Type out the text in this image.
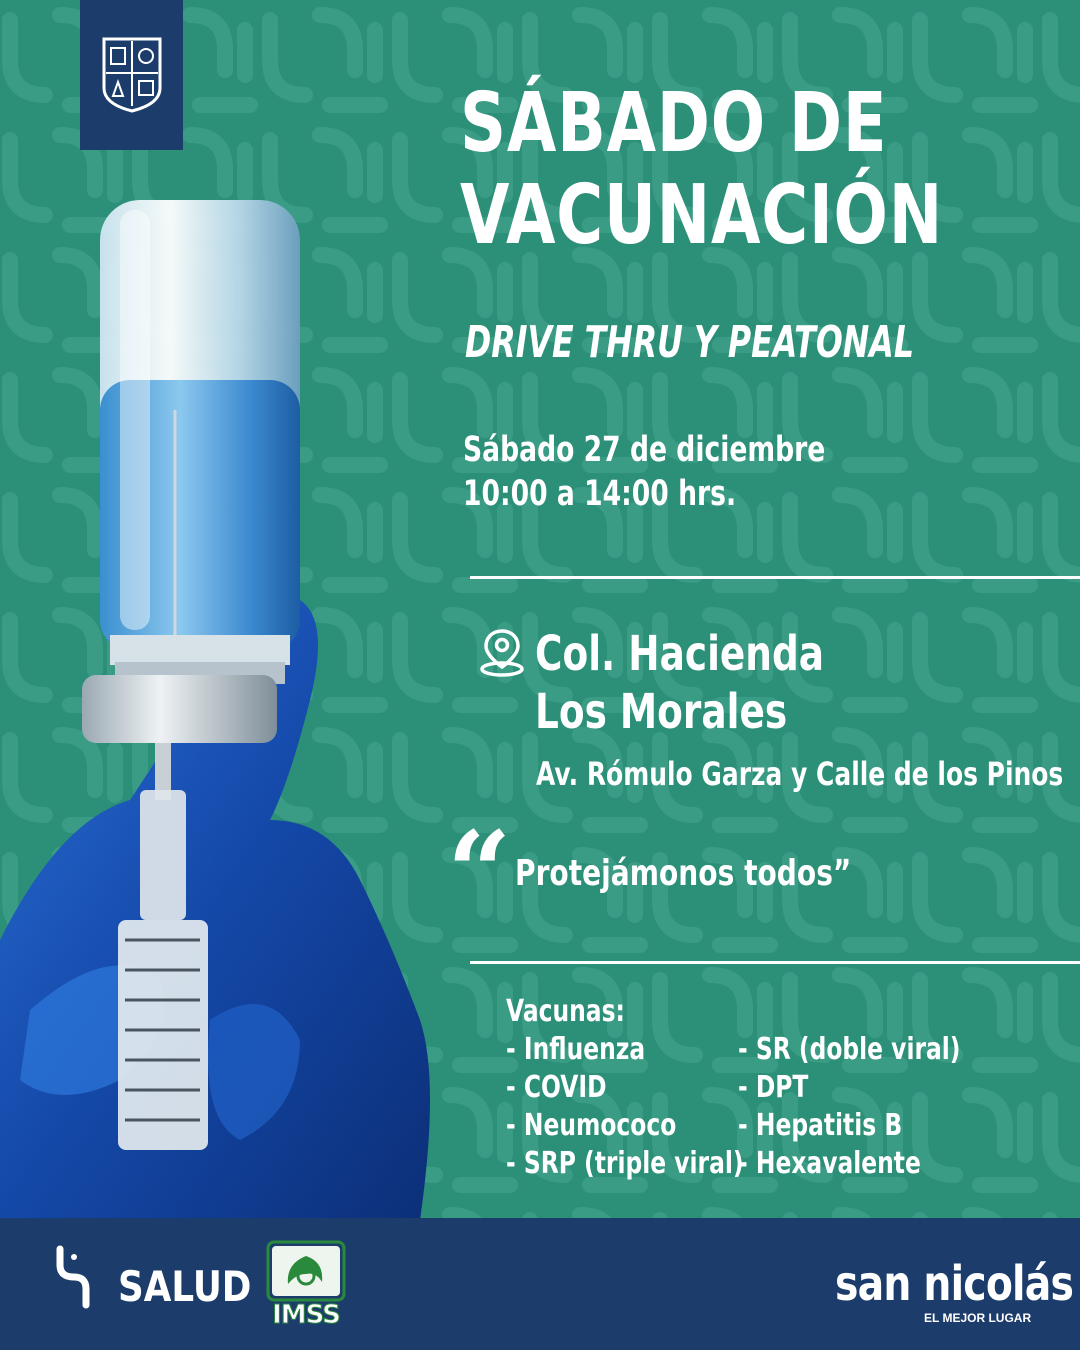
SÁBADO DE
VACUNACIÓN
DRIVE THRU Y PEATONAL
Sábado 27 de diciembre
10:00 a 14:00 hrs.
Col. Hacienda
Los Morales
Av. Rómulo Garza y Calle de los Pinos
“ Protejámonos todos”
Vacunas:
- Influenza
- COVID
- Neumococo
- SRP (triple viral)
- SR (doble viral)
- DPT
- Hepatitis B
- Hexavalente
SALUD
IMSS
san nicolás
EL MEJOR LUGAR
